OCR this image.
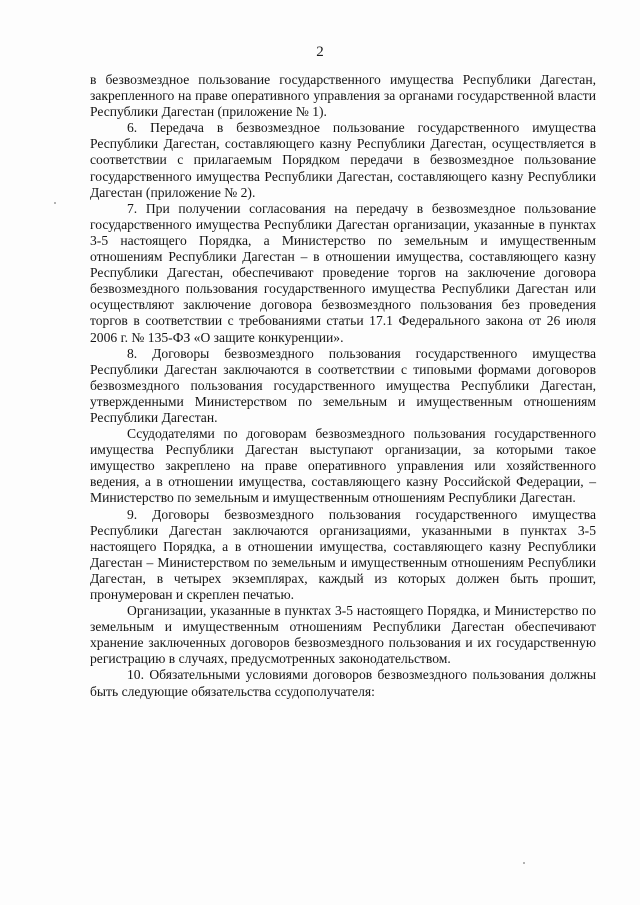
2

в безвозмездное пользование государственного имущества Республики Дагестан, закрепленного на праве оперативного управления за органами государственной власти Республики Дагестан (приложение № 1).

6. Передача в безвозмездное пользование государственного имущества Республики Дагестан, составляющего казну Республики Дагестан, осуществляется в соответствии с прилагаемым Порядком передачи в безвозмездное пользование государственного имущества Республики Дагестан, составляющего казну Республики Дагестан (приложение № 2).

7. При получении согласования на передачу в безвозмездное пользование государственного имущества Республики Дагестан организации, указанные в пунктах 3-5 настоящего Порядка, а Министерство по земельным и имущественным отношениям Республики Дагестан – в отношении имущества, составляющего казну Республики Дагестан, обеспечивают проведение торгов на заключение договора безвозмездного пользования государственного имущества Республики Дагестан или осуществляют заключение договора безвозмездного пользования без проведения торгов в соответствии с требованиями статьи 17.1 Федерального закона от 26 июля 2006 г. № 135-ФЗ «О защите конкуренции».

8. Договоры безвозмездного пользования государственного имущества Республики Дагестан заключаются в соответствии с типовыми формами договоров безвозмездного пользования государственного имущества Республики Дагестан, утвержденными Министерством по земельным и имущественным отношениям Республики Дагестан.

Ссудодателями по договорам безвозмездного пользования государственного имущества Республики Дагестан выступают организации, за которыми такое имущество закреплено на праве оперативного управления или хозяйственного ведения, а в отношении имущества, составляющего казну Российской Федерации, – Министерство по земельным и имущественным отношениям Республики Дагестан.

9. Договоры безвозмездного пользования государственного имущества Республики Дагестан заключаются организациями, указанными в пунктах 3-5 настоящего Порядка, а в отношении имущества, составляющего казну Республики Дагестан – Министерством по земельным и имущественным отношениям Республики Дагестан, в четырех экземплярах, каждый из которых должен быть прошит, пронумерован и скреплен печатью.

Организации, указанные в пунктах 3-5 настоящего Порядка, и Министерство по земельным и имущественным отношениям Республики Дагестан обеспечивают хранение заключенных договоров безвозмездного пользования и их государственную регистрацию в случаях, предусмотренных законодательством.

10. Обязательными условиями договоров безвозмездного пользования должны быть следующие обязательства ссудополучателя:
